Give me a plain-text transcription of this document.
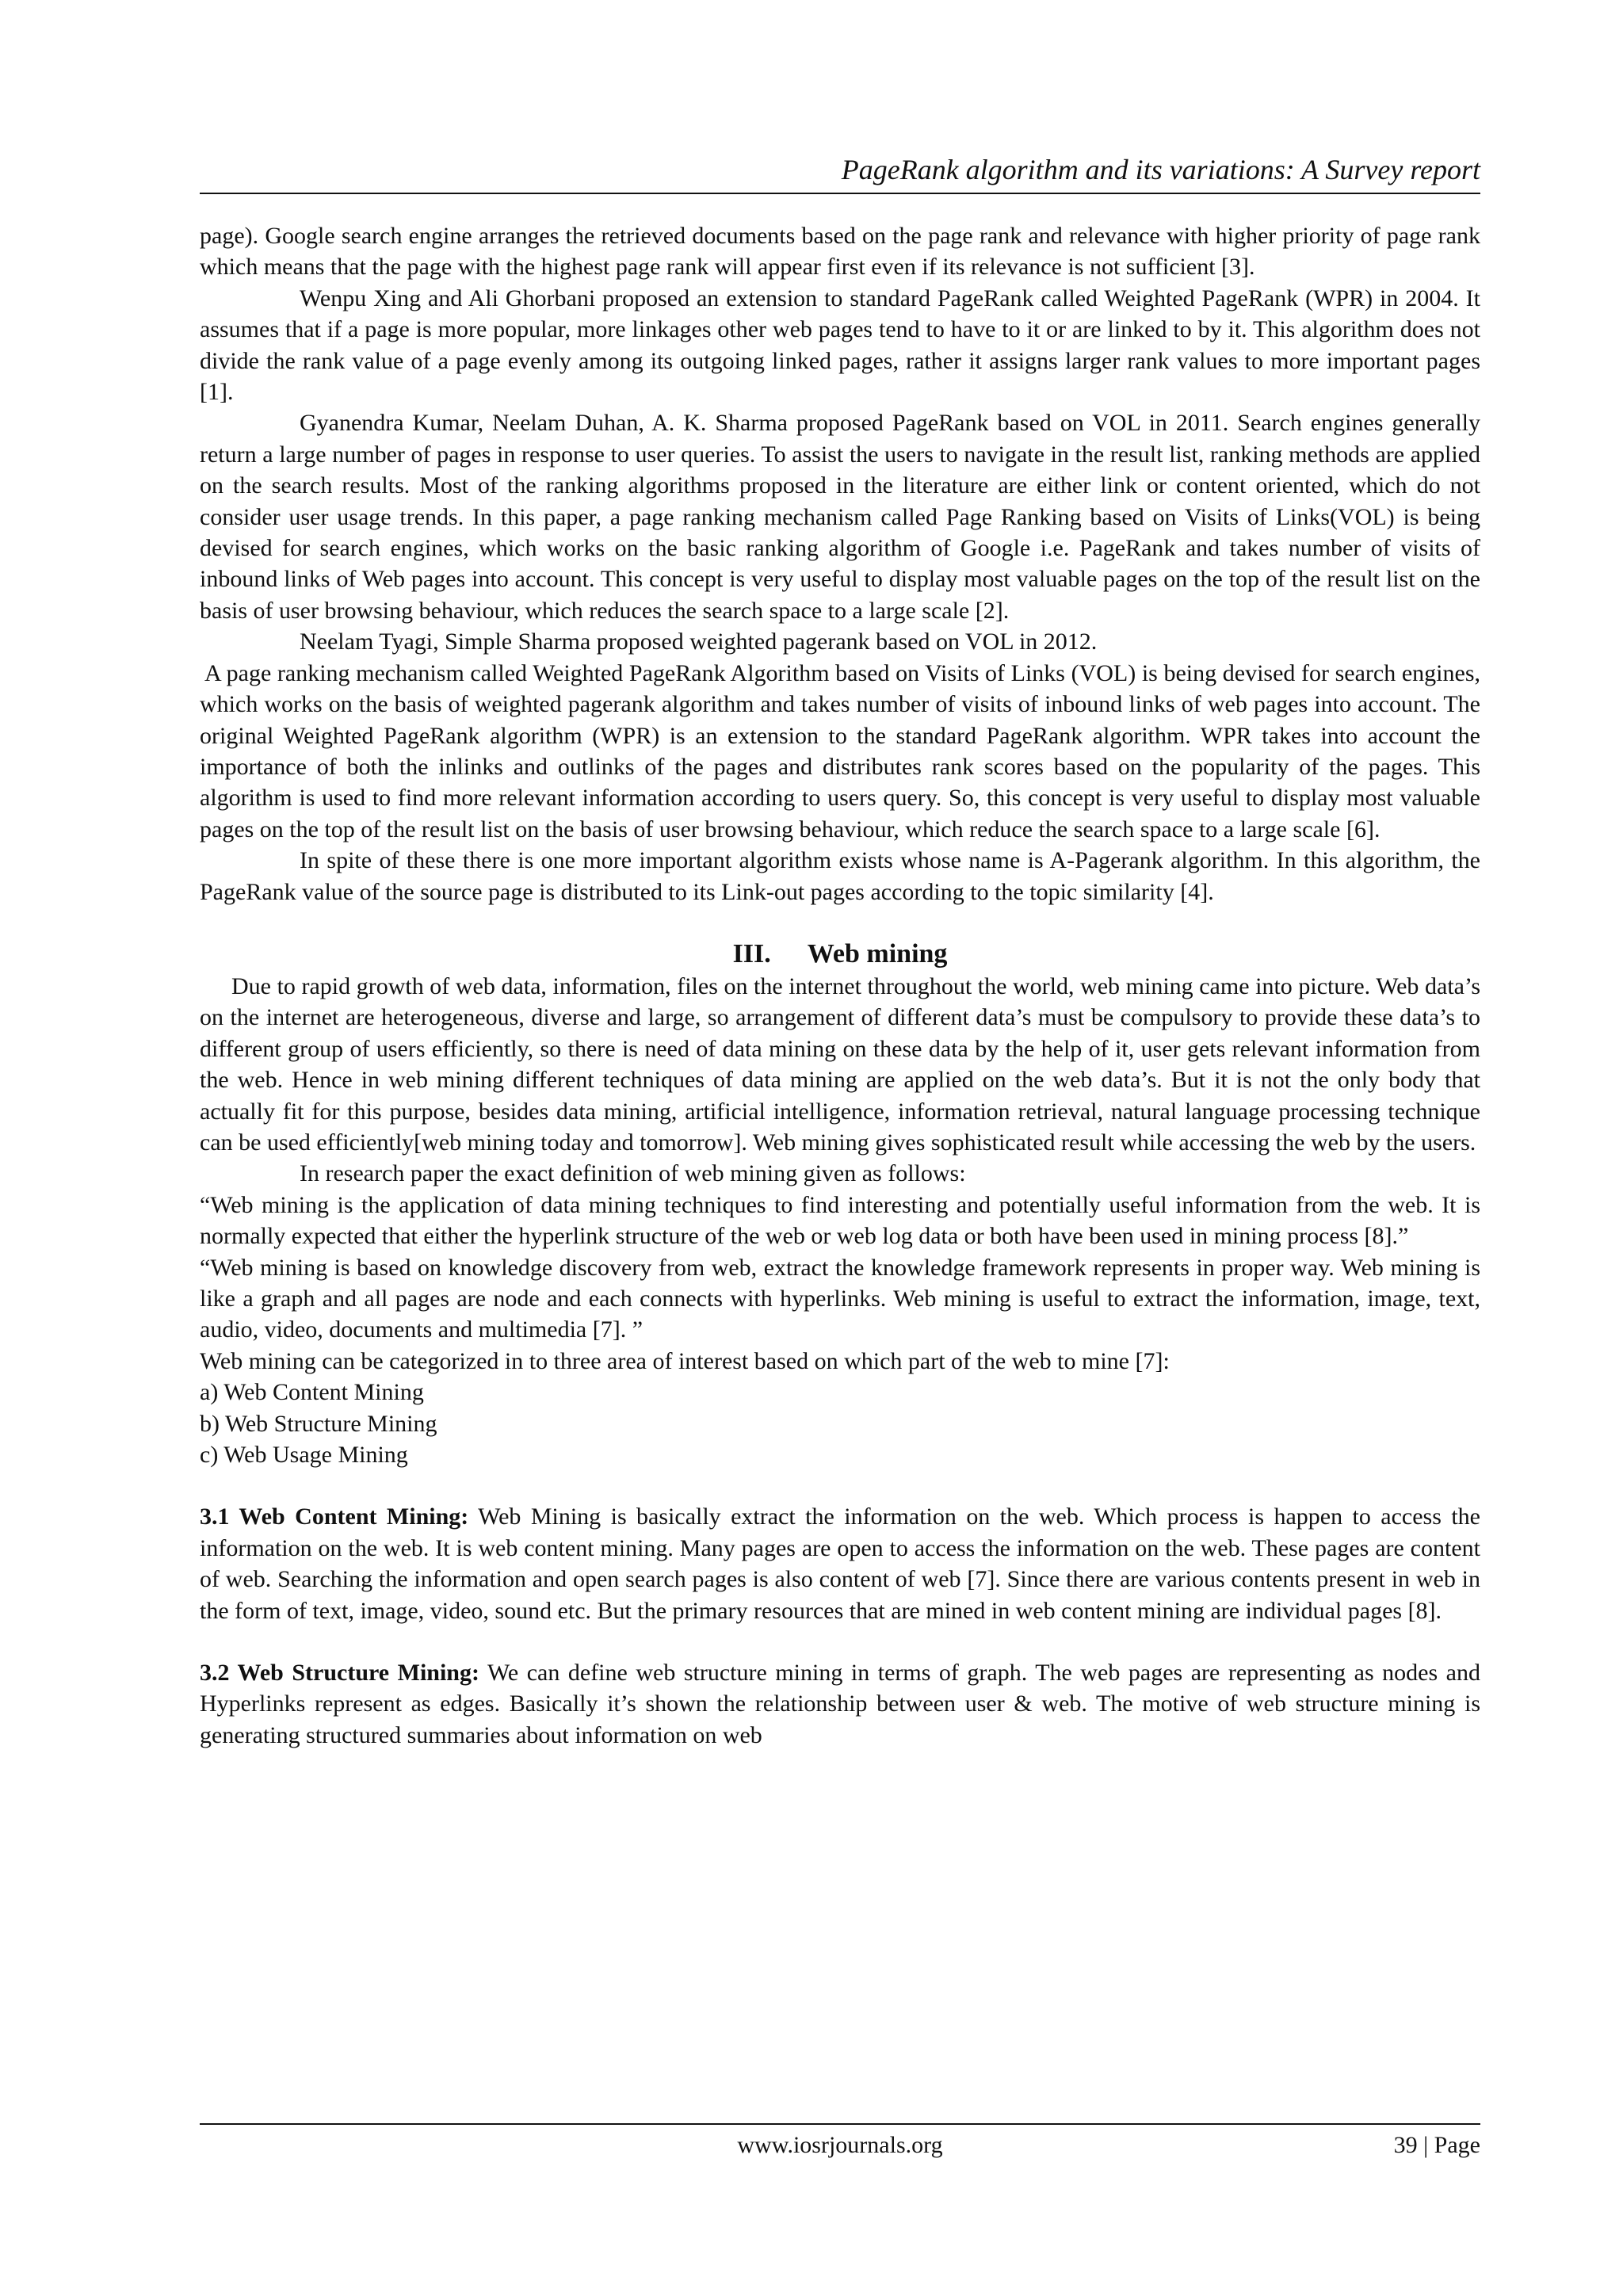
PageRank algorithm and its variations: A Survey report

page). Google search engine arranges the retrieved documents based on the page rank and relevance with higher priority of page rank which means that the page with the highest page rank will appear first even if its relevance is not sufficient [3].

Wenpu Xing and Ali Ghorbani proposed an extension to standard PageRank called Weighted PageRank (WPR) in 2004. It assumes that if a page is more popular, more linkages other web pages tend to have to it or are linked to by it. This algorithm does not divide the rank value of a page evenly among its outgoing linked pages, rather it assigns larger rank values to more important pages [1].

Gyanendra Kumar, Neelam Duhan, A. K. Sharma proposed PageRank based on VOL in 2011. Search engines generally return a large number of pages in response to user queries. To assist the users to navigate in the result list, ranking methods are applied on the search results. Most of the ranking algorithms proposed in the literature are either link or content oriented, which do not consider user usage trends. In this paper, a page ranking mechanism called Page Ranking based on Visits of Links(VOL) is being devised for search engines, which works on the basic ranking algorithm of Google i.e. PageRank and takes number of visits of inbound links of Web pages into account. This concept is very useful to display most valuable pages on the top of the result list on the basis of user browsing behaviour, which reduces the search space to a large scale [2].

Neelam Tyagi, Simple Sharma proposed weighted pagerank based on VOL in 2012.

A page ranking mechanism called Weighted PageRank Algorithm based on Visits of Links (VOL) is being devised for search engines, which works on the basis of weighted pagerank algorithm and takes number of visits of inbound links of web pages into account. The original Weighted PageRank algorithm (WPR) is an extension to the standard PageRank algorithm. WPR takes into account the importance of both the inlinks and outlinks of the pages and distributes rank scores based on the popularity of the pages. This algorithm is used to find more relevant information according to users query. So, this concept is very useful to display most valuable pages on the top of the result list on the basis of user browsing behaviour, which reduce the search space to a large scale [6].

In spite of these there is one more important algorithm exists whose name is A-Pagerank algorithm. In this algorithm, the PageRank value of the source page is distributed to its Link-out pages according to the topic similarity [4].

III. Web mining

Due to rapid growth of web data, information, files on the internet throughout the world, web mining came into picture. Web data’s on the internet are heterogeneous, diverse and large, so arrangement of different data’s must be compulsory to provide these data’s to different group of users efficiently, so there is need of data mining on these data by the help of it, user gets relevant information from the web. Hence in web mining different techniques of data mining are applied on the web data’s. But it is not the only body that actually fit for this purpose, besides data mining, artificial intelligence, information retrieval, natural language processing technique can be used efficiently[web mining today and tomorrow]. Web mining gives sophisticated result while accessing the web by the users.

In research paper the exact definition of web mining given as follows:

“Web mining is the application of data mining techniques to find interesting and potentially useful information from the web. It is normally expected that either the hyperlink structure of the web or web log data or both have been used in mining process [8].”

“Web mining is based on knowledge discovery from web, extract the knowledge framework represents in proper way. Web mining is like a graph and all pages are node and each connects with hyperlinks. Web mining is useful to extract the information, image, text, audio, video, documents and multimedia [7]. ”

Web mining can be categorized in to three area of interest based on which part of the web to mine [7]:

a) Web Content Mining

b) Web Structure Mining

c) Web Usage Mining

3.1 Web Content Mining: Web Mining is basically extract the information on the web. Which process is happen to access the information on the web. It is web content mining. Many pages are open to access the information on the web. These pages are content of web. Searching the information and open search pages is also content of web [7]. Since there are various contents present in web in the form of text, image, video, sound etc. But the primary resources that are mined in web content mining are individual pages [8].

3.2 Web Structure Mining: We can define web structure mining in terms of graph. The web pages are representing as nodes and Hyperlinks represent as edges. Basically it’s shown the relationship between user & web. The motive of web structure mining is generating structured summaries about information on web

www.iosrjournals.org	39 | Page
